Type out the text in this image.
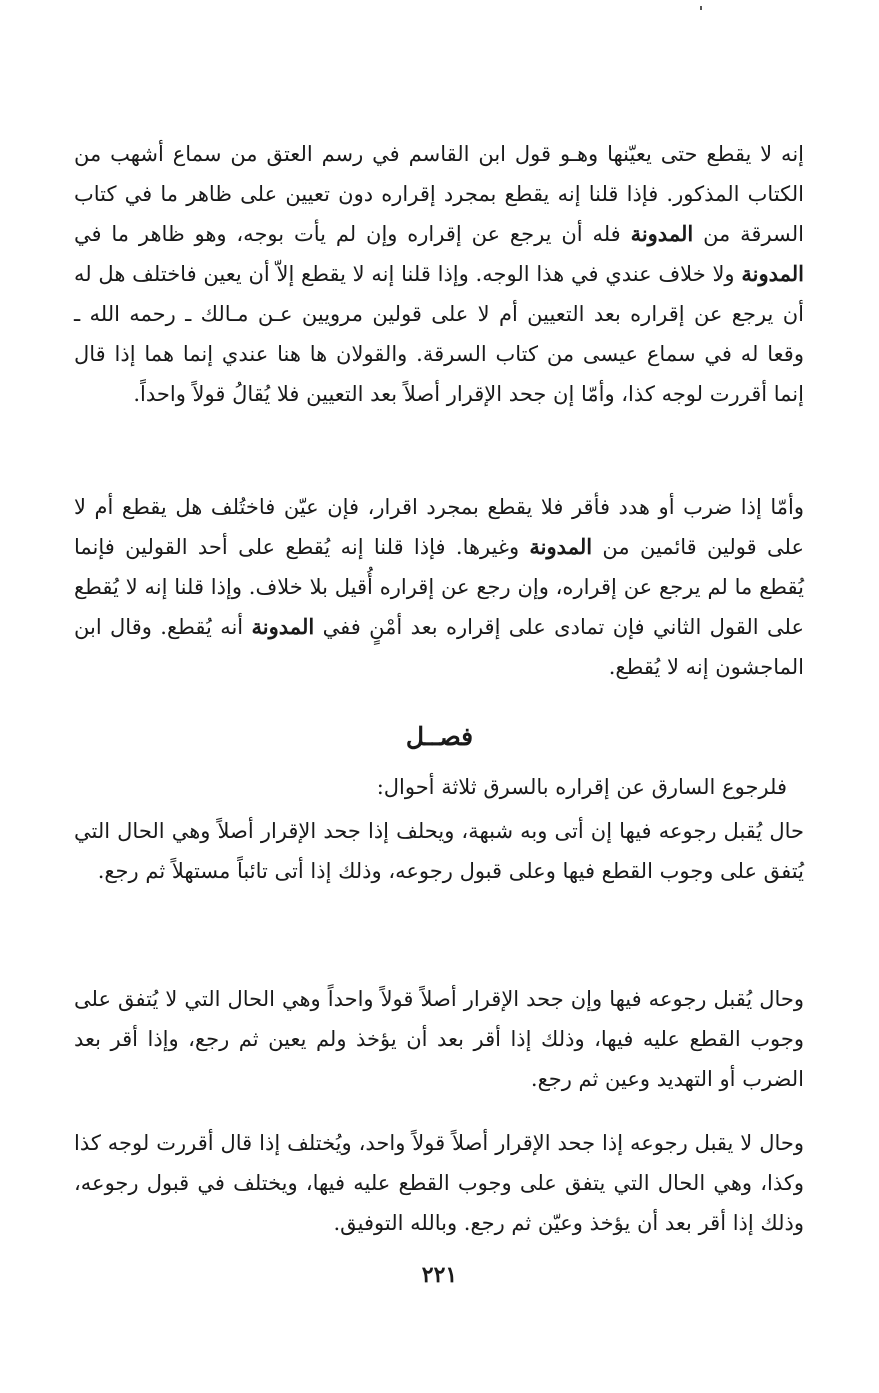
إنه لا يقطع حتى يعيّنها وهـو قول ابن القاسم في رسم العتق من سماع أشهب من الكتاب المذكور. فإذا قلنا إنه يقطع بمجرد إقراره دون تعيين على ظاهر ما في كتاب السرقة من المدونة فله أن يرجع عن إقراره وإن لم يأت بوجه، وهو ظاهر ما في المدونة ولا خلاف عندي في هذا الوجه. وإذا قلنا إنه لا يقطع إلاّ أن يعين فاختلف هل له أن يرجع عن إقراره بعد التعيين أم لا على قولين مرويين عـن مـالك ـ رحمه الله ـ وقعا له في سماع عيسى من كتاب السرقة. والقولان ها هنا عندي إنما هما إذا قال إنما أقررت لوجه كذا، وأمّا إن جحد الإقرار أصلاً بعد التعيين فلا يُقالُ قولاً واحداً.

وأمّا إذا ضرب أو هدد فأقر فلا يقطع بمجرد اقرار، فإن عيّن فاختُلف هل يقطع أم لا على قولين قائمين من المدونة وغيرها. فإذا قلنا إنه يُقطع على أحد القولين فإنما يُقطع ما لم يرجع عن إقراره، وإن رجع عن إقراره أُقيل بلا خلاف. وإذا قلنا إنه لا يُقطع على القول الثاني فإن تمادى على إقراره بعد أمْنٍ ففي المدونة أنه يُقطع. وقال ابن الماجشون إنه لا يُقطع.

فصــل

فلرجوع السارق عن إقراره بالسرق ثلاثة أحوال:

حال يُقبل رجوعه فيها إن أتى وبه شبهة، ويحلف إذا جحد الإقرار أصلاً وهي الحال التي يُتفق على وجوب القطع فيها وعلى قبول رجوعه، وذلك إذا أتى تائباً مستهلاً ثم رجع.

وحال يُقبل رجوعه فيها وإن جحد الإقرار أصلاً قولاً واحداً وهي الحال التي لا يُتفق على وجوب القطع عليه فيها، وذلك إذا أقر بعد أن يؤخذ ولم يعين ثم رجع، وإذا أقر بعد الضرب أو التهديد وعين ثم رجع.

وحال لا يقبل رجوعه إذا جحد الإقرار أصلاً قولاً واحد، ويُختلف إذا قال أقررت لوجه كذا وكذا، وهي الحال التي يتفق على وجوب القطع عليه فيها، ويختلف في قبول رجوعه، وذلك إذا أقر بعد أن يؤخذ وعيّن ثم رجع. وبالله التوفيق.

٢٢١
